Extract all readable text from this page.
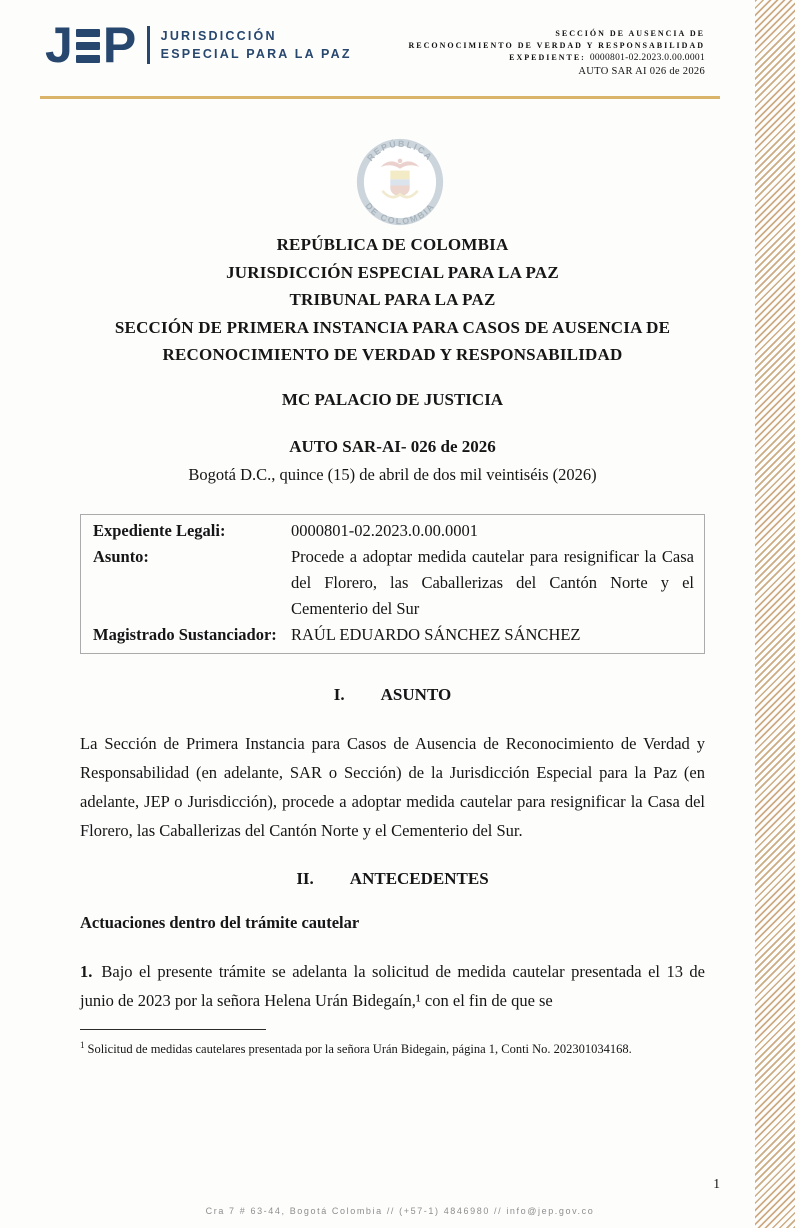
J P JURISDICCIÓN
ESPECIAL PARA LA PAZ
SECCIÓN DE AUSENCIA DE
RECONOCIMIENTO DE VERDAD Y RESPONSABILIDAD
EXPEDIENTE: 0000801-02.2023.0.00.0001
AUTO SAR AI 026 de 2026
REPÚBLICA
DE COLOMBIA
REPÚBLICA DE COLOMBIA
JURISDICCIÓN ESPECIAL PARA LA PAZ
TRIBUNAL PARA LA PAZ
SECCIÓN DE PRIMERA INSTANCIA PARA CASOS DE AUSENCIA DE
RECONOCIMIENTO DE VERDAD Y RESPONSABILIDAD
MC PALACIO DE JUSTICIA
AUTO SAR-AI- 026 de 2026
Bogotá D.C., quince (15) de abril de dos mil veintiséis (2026)
Expediente Legali:	0000801-02.2023.0.00.0001
Asunto:	Procede a adoptar medida cautelar para resignificar la Casa del Florero, las Caballerizas del Cantón Norte y el Cementerio del Sur
Magistrado Sustanciador: RAÚL EDUARDO SÁNCHEZ SÁNCHEZ
I. ASUNTO

La Sección de Primera Instancia para Casos de Ausencia de Reconocimiento de Verdad y Responsabilidad (en adelante, SAR o Sección) de la Jurisdicción Especial para la Paz (en adelante, JEP o Jurisdicción), procede a adoptar medida cautelar para resignificar la Casa del Florero, las Caballerizas del Cantón Norte y el Cementerio del Sur.

II. ANTECEDENTES
Actuaciones dentro del trámite cautelar

1. Bajo el presente trámite se adelanta la solicitud de medida cautelar presentada el 13 de junio de 2023 por la señora Helena Urán Bidegaín,¹ con el fin de que se

$^1$ Solicitud de medidas cautelares presentada por la señora Urán Bidegain, página 1, Conti No. 202301034168.

1
Cra 7 # 63-44, Bogotá Colombia // (+57-1) 4846980 // info@jep.gov.co
